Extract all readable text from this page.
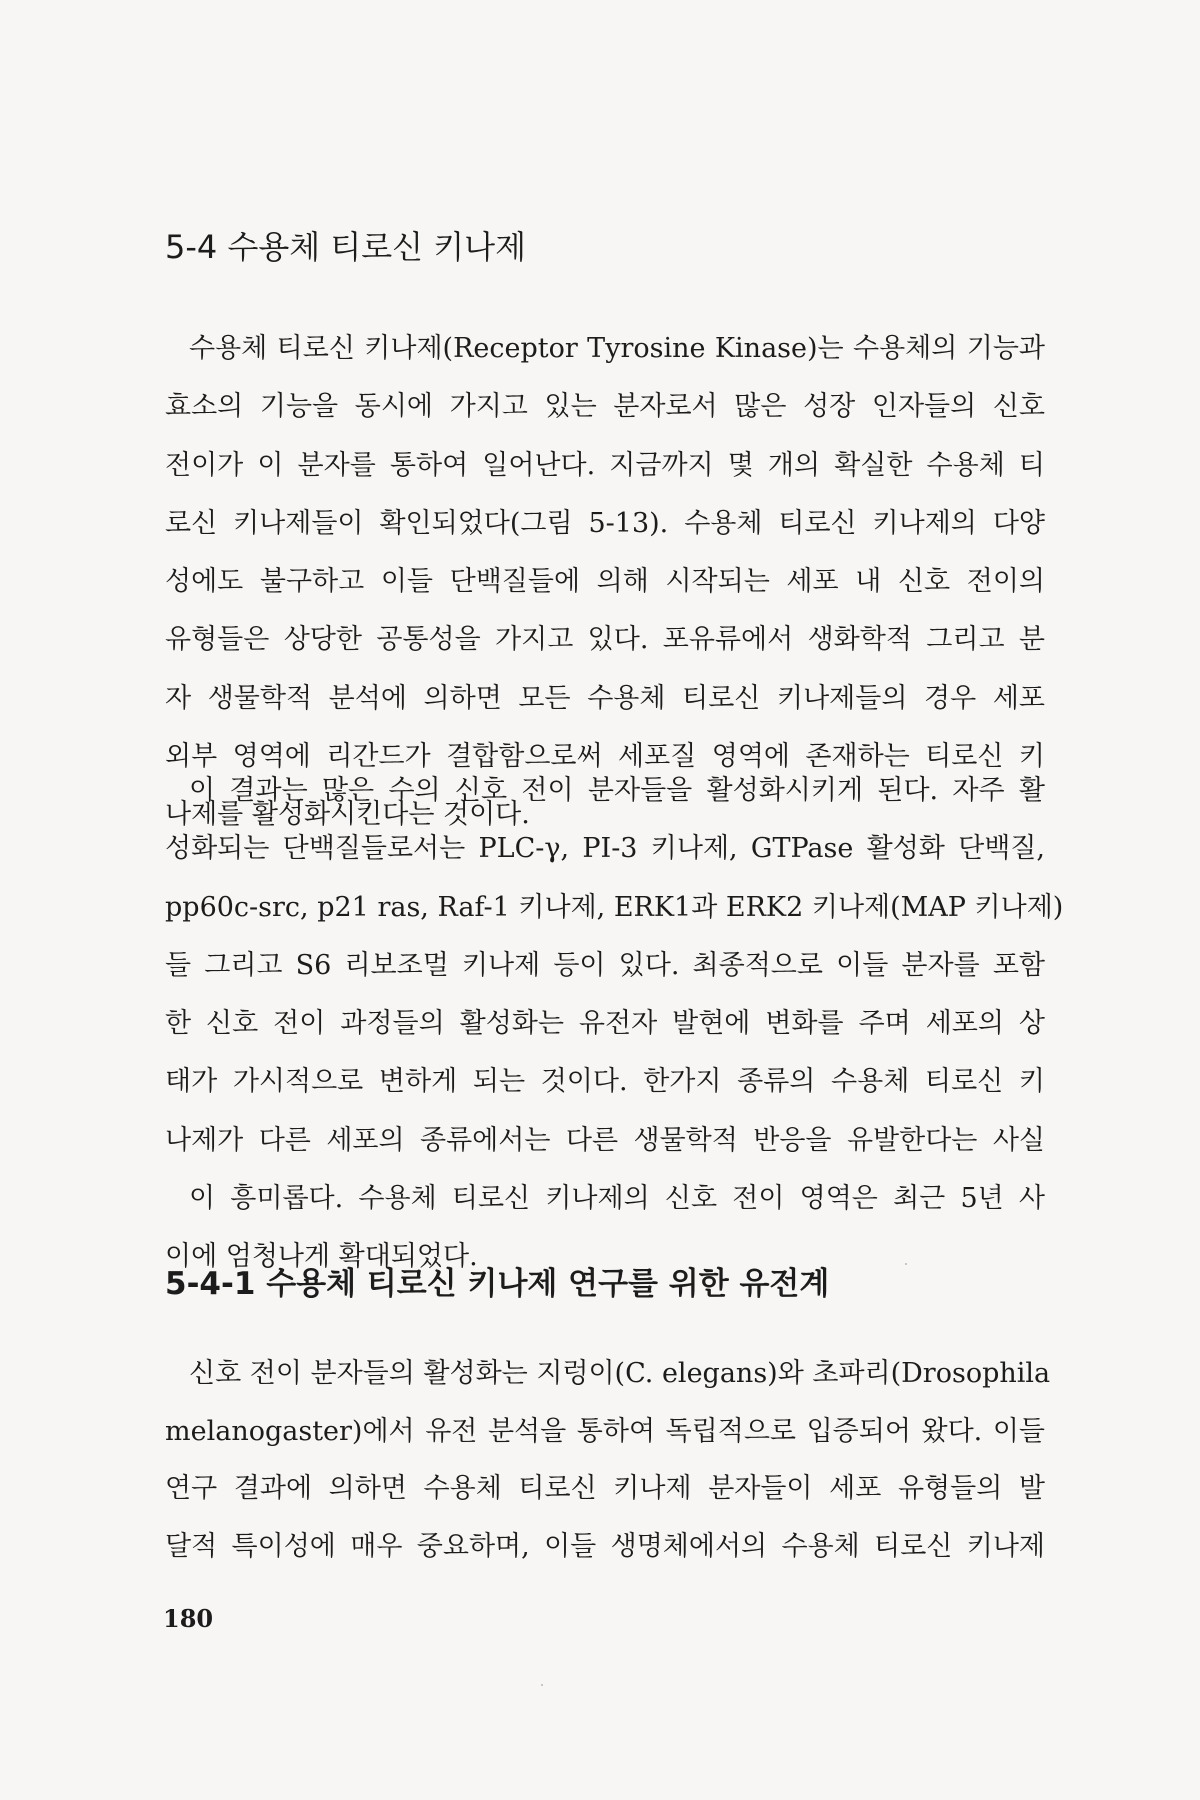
5-4 수용체 티로신 키나제
수용체 티로신 키나제(Receptor Tyrosine Kinase)는 수용체의 기능과
효소의 기능을 동시에 가지고 있는 분자로서 많은 성장 인자들의 신호
전이가 이 분자를 통하여 일어난다. 지금까지 몇 개의 확실한 수용체 티
로신 키나제들이 확인되었다(그림 5-13). 수용체 티로신 키나제의 다양
성에도 불구하고 이들 단백질들에 의해 시작되는 세포 내 신호 전이의
유형들은 상당한 공통성을 가지고 있다. 포유류에서 생화학적 그리고 분
자 생물학적 분석에 의하면 모든 수용체 티로신 키나제들의 경우 세포
외부 영역에 리간드가 결합함으로써 세포질 영역에 존재하는 티로신 키
나제를 활성화시킨다는 것이다.
이 결과는 많은 수의 신호 전이 분자들을 활성화시키게 된다. 자주 활
성화되는 단백질들로서는 PLC-γ, PI-3 키나제, GTPase 활성화 단백질,
pp60c-src, p21 ras, Raf-1 키나제, ERK1과 ERK2 키나제(MAP 키나제)
들 그리고 S6 리보조멀 키나제 등이 있다. 최종적으로 이들 분자를 포함
한 신호 전이 과정들의 활성화는 유전자 발현에 변화를 주며 세포의 상
태가 가시적으로 변하게 되는 것이다. 한가지 종류의 수용체 티로신 키
나제가 다른 세포의 종류에서는 다른 생물학적 반응을 유발한다는 사실
이 흥미롭다. 수용체 티로신 키나제의 신호 전이 영역은 최근 5년 사
이에 엄청나게 확대되었다.
5-4-1 수용체 티로신 키나제 연구를 위한 유전계
신호 전이 분자들의 활성화는 지렁이(C. elegans)와 초파리(Drosophila
melanogaster)에서 유전 분석을 통하여 독립적으로 입증되어 왔다. 이들
연구 결과에 의하면 수용체 티로신 키나제 분자들이 세포 유형들의 발
달적 특이성에 매우 중요하며, 이들 생명체에서의 수용체 티로신 키나제
180
